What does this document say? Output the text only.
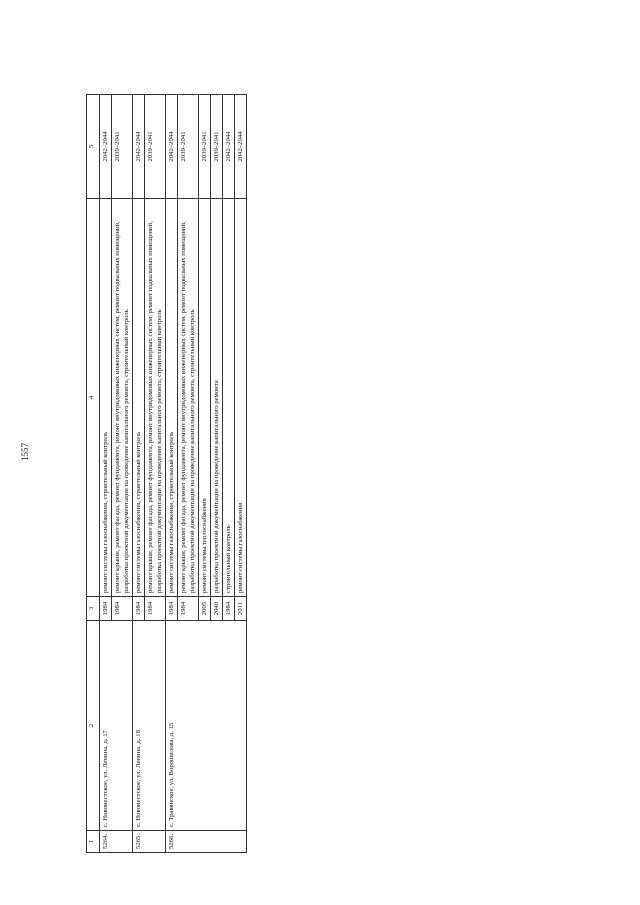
1557
1	2	3	4	5
5264.	с. Новонестское, ул. Ленина, д. 17	1984	ремонт системы газоснабжения, строительный контроль	2042–2044
		1984	ремонт крыши, ремонт фасада, ремонт фундамента, ремонт внутридомовых инженерных систем, ремонт подвальных помещений, разработка проектной документации на проведение капитального ремонта, строительный контроль	2039–2041
5265.	с. Новонестское, ул. Ленина, д. 18	1984	ремонт системы газоснабжения, строительный контроль	2042–2044
		1984	ремонт крыши, ремонт фасада, ремонт фундамента, ремонт внутридомовых инженерных систем, ремонт подвальных помещений, разработка проектной документации на проведение капитального ремонта, строительный контроль	2039–2041
5266.	с. Травянское, ул. Ворошилова, д. 15	1984	ремонт системы газоснабжения, строительный контроль	2042–2044
		1984	ремонт крыши, ремонт фасада, ремонт фундамента, ремонт внутридомовых инженерных систем, ремонт подвальных помещений, разработка проектной документации на проведение капитального ремонта, строительный контроль	2039–2041
		2005	ремонт системы теплоснабжения	2039–2041
		2040	разработка проектной документации на проведение капитального ремонта	2039–2041
		1984	строительный контроль	2042–2044
		2011	ремонт системы газоснабжения	2042–2044
